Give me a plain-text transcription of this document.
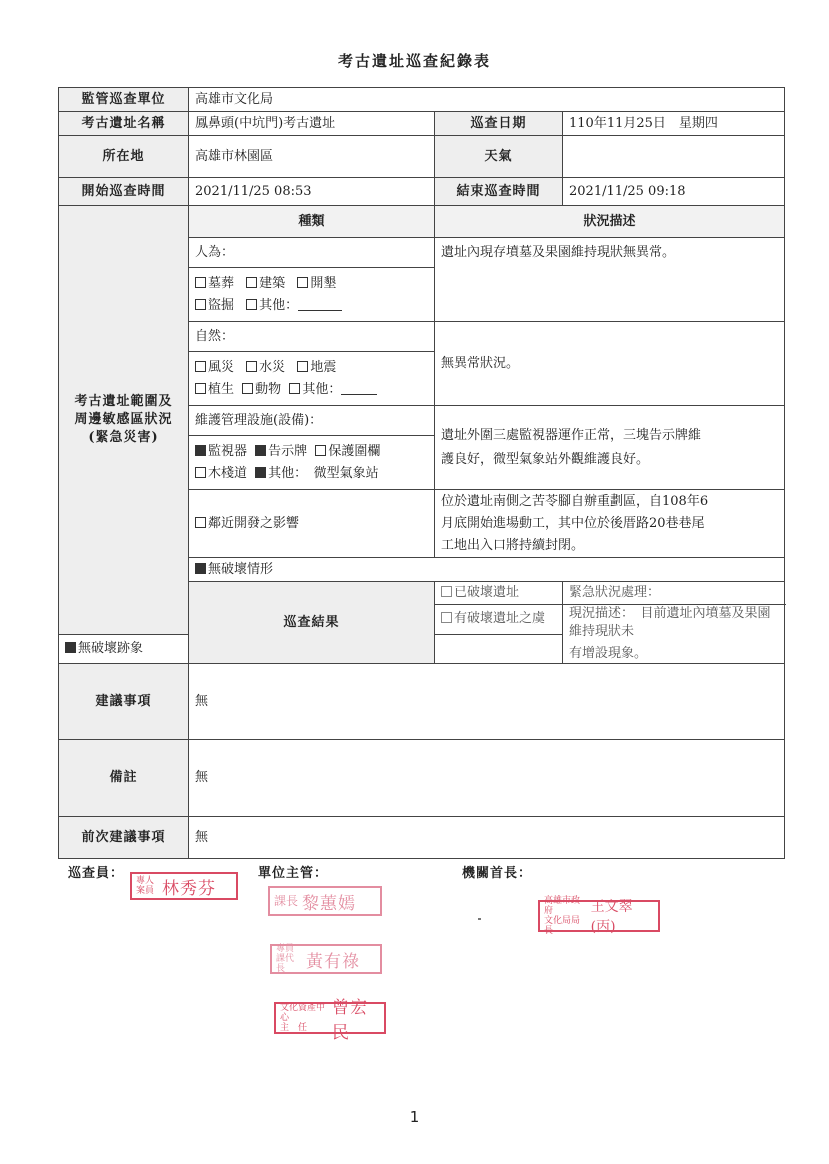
考古遺址巡查紀錄表
監管巡查單位	高雄市文化局		
考古遺址名稱	鳳鼻頭(中坑門)考古遺址	巡查日期	110年11月25日　星期四
所在地	高雄市林園區	天氣	
開始巡查時間	2021/11/25 08:53	結束巡查時間	2021/11/25 09:18

考古遺址範圍及
周邊敏感區狀況
(緊急災害)	種類	狀況描述	
	人為：	遺址內現存墳墓及果園維持現狀無異常。	

	墓葬 建築 開墾
盜掘 其他：		

	自然：	無異常狀況。	

	風災 水災 地震
植生 動物 其他：		

	維護管理設施(設備)：	遺址外圍三處監視器運作正常，三塊告示牌維
護良好，微型氣象站外觀維護良好。	

	監視器 告示牌 保護圍欄
木棧道 其他：　微型氣象站		

	鄰近開發之影響	位於遺址南側之苦苓腳自辦重劃區，自108年6
月底開始進場動工，其中位於後厝路20巷巷尾
工地出入口將持續封閉。	

	無破壞情形		
	巡查結果	已破壞遺址	緊急狀況處理：
		有破壞遺址之虞	現況描述：　目前遺址內墳墓及果園維持現狀未
有增設現象。

無破壞跡象			
建議事項	無		
備註	無		
前次建議事項	無		
巡查員：	單位主管：	機關首長：
專 人
案 員 林秀芬
課長 黎蕙嫣
專員
課 代
長 黃有祿
文化資產中心
主　任
曾宏民
高雄市政府
文化局局長
王文翠(丙)
1
